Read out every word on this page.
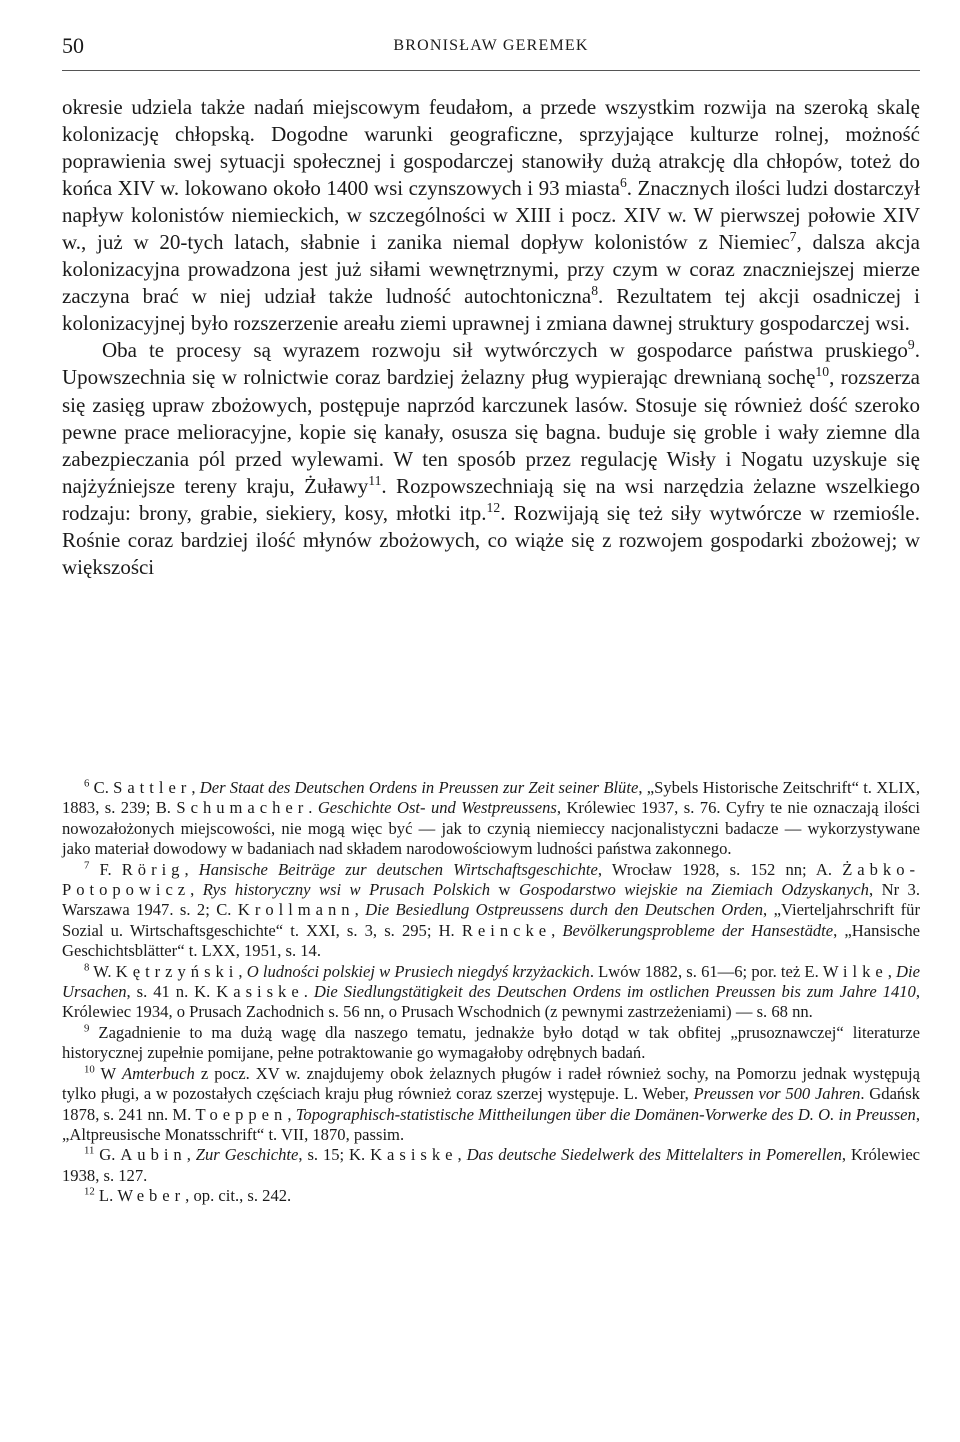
50	BRONISŁAW GEREMEK

okresie udziela także nadań miejscowym feudałom, a przede wszystkim rozwija na szeroką skalę kolonizację chłopską. Dogodne warunki geograficzne, sprzyjające kulturze rolnej, możność poprawienia swej sytuacji społecznej i gospodarczej stanowiły dużą atrakcję dla chłopów, toteż do końca XIV w. lokowano około 1400 wsi czynszowych i 93 miasta$^6$. Znacznych ilości ludzi dostarczył napływ kolonistów niemieckich, w szczególności w XIII i pocz. XIV w. W pierwszej połowie XIV w., już w 20-tych latach, słabnie i zanika niemal dopływ kolonistów z Niemiec$^7$, dalsza akcja kolonizacyjna prowadzona jest już siłami wewnętrznymi, przy czym w coraz znaczniejszej mierze zaczyna brać w niej udział także ludność autochtoniczna$^8$. Rezultatem tej akcji osadniczej i kolonizacyjnej było rozszerzenie areału ziemi uprawnej i zmiana dawnej struktury gospodarczej wsi.

Oba te procesy są wyrazem rozwoju sił wytwórczych w gospodarce państwa pruskiego$^9$. Upowszechnia się w rolnictwie coraz bardziej żelazny pług wypierając drewnianą sochę$^{10}$, rozszerza się zasięg upraw zbożowych, postępuje naprzód karczunek lasów. Stosuje się również dość szeroko pewne prace melioracyjne, kopie się kanały, osusza się bagna. buduje się groble i wały ziemne dla zabezpieczania pól przed wylewami. W ten sposób przez regulację Wisły i Nogatu uzyskuje się najżyźniejsze tereny kraju, Żuławy$^{11}$. Rozpowszechniają się na wsi narzędzia żelazne wszelkiego rodzaju: brony, grabie, siekiery, kosy, młotki itp.$^{12}$. Rozwijają się też siły wytwórcze w rzemiośle. Rośnie coraz bardziej ilość młynów zbożowych, co wiąże się z rozwojem gospodarki zbożowej; w większości

$^6$ C. Sattler, Der Staat des Deutschen Ordens in Preussen zur Zeit seiner Blüte, „Sybels Historische Zeitschrift“ t. XLIX, 1883, s. 239; B. Schumacher. Geschichte Ost- und Westpreussens, Królewiec 1937, s. 76. Cyfry te nie oznaczają ilości nowozałożonych miejscowości, nie mogą więc być — jak to czynią niemieccy nacjonalistyczni badacze — wykorzystywane jako materiał dowodowy w badaniach nad składem narodowościowym ludności państwa zakonnego.

$^7$ F. Rörig, Hansische Beiträge zur deutschen Wirtschaftsgeschichte, Wrocław 1928, s. 152 nn; A. Żabko-Potopowicz, Rys historyczny wsi w Prusach Polskich w Gospodarstwo wiejskie na Ziemiach Odzyskanych, Nr 3. Warszawa 1947. s. 2; C. Krollmann, Die Besiedlung Ostpreussens durch den Deutschen Orden, „Vierteljahrschrift für Sozial u. Wirtschaftsgeschichte“ t. XXI, s. 3, s. 295; H. Reincke, Bevölkerungsprobleme der Hansestädte, „Hansische Geschichtsblätter“ t. LXX, 1951, s. 14.

$^8$ W. Kętrzyński, O ludności polskiej w Prusiech niegdyś krzyżackich. Lwów 1882, s. 61—6; por. też E. Wilke, Die Ursachen, s. 41 n. K. Kasiske. Die Siedlungstätigkeit des Deutschen Ordens im ostlichen Preussen bis zum Jahre 1410, Królewiec 1934, o Prusach Zachodnich s. 56 nn, o Prusach Wschodnich (z pewnymi zastrzeżeniami) — s. 68 nn.

$^9$ Zagadnienie to ma dużą wagę dla naszego tematu, jednakże było dotąd w tak obfitej „prusoznawczej“ literaturze historycznej zupełnie pomijane, pełne potraktowanie go wymagałoby odrębnych badań.

$^{10}$ W Amterbuch z pocz. XV w. znajdujemy obok żelaznych pługów i radeł również sochy, na Pomorzu jednak występują tylko pługi, a w pozostałych częściach kraju pług również coraz szerzej występuje. L. Weber, Preussen vor 500 Jahren. Gdańsk 1878, s. 241 nn. M. Toeppen, Topographisch-statistische Mittheilungen über die Domänen-Vorwerke des D. O. in Preussen, „Altpreusische Monatsschrift“ t. VII, 1870, passim.

$^{11}$ G. Aubin, Zur Geschichte, s. 15; K. Kasiske, Das deutsche Siedelwerk des Mittelalters in Pomerellen, Królewiec 1938, s. 127.

$^{12}$ L. Weber, op. cit., s. 242.
